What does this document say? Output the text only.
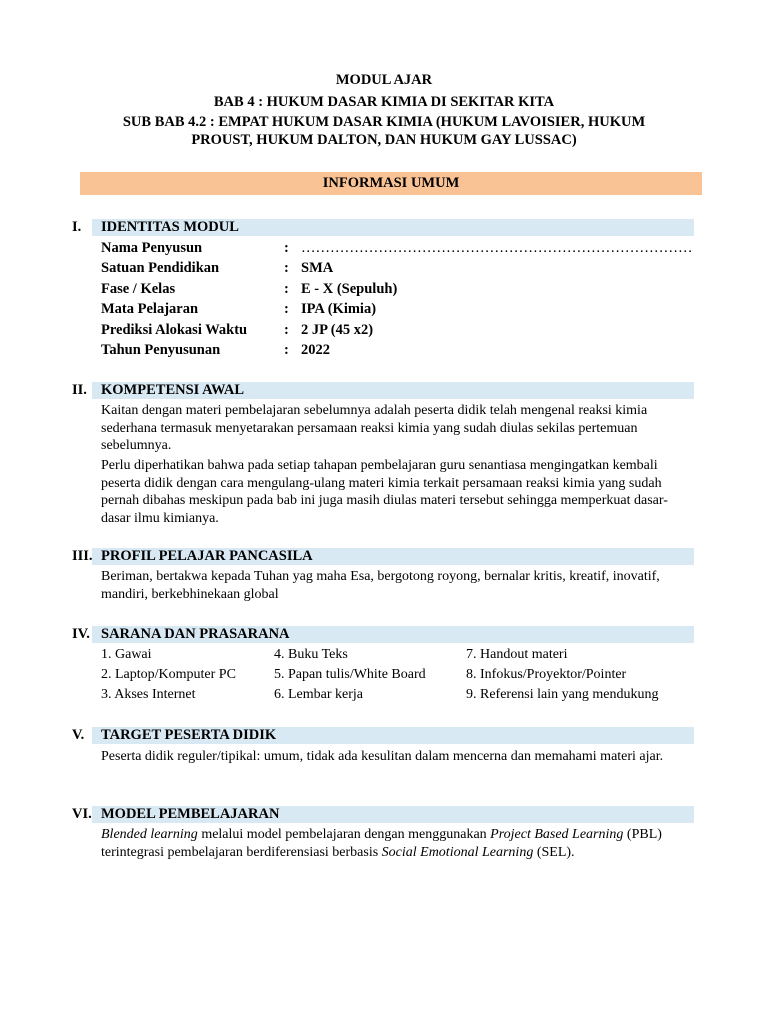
MODUL AJAR
BAB 4 : HUKUM DASAR KIMIA DI SEKITAR KITA
SUB BAB 4.2 : EMPAT HUKUM DASAR KIMIA (HUKUM LAVOISIER, HUKUM
PROUST, HUKUM DALTON, DAN HUKUM GAY LUSSAC)
INFORMASI UMUM
I. IDENTITAS MODUL
Nama Penyusun	: ………………………………………………………………………
Satuan Pendidikan	: SMA
Fase / Kelas	: E - X (Sepuluh)
Mata Pelajaran	: IPA (Kimia)
Prediksi Alokasi Waktu	: 2 JP (45 x2)
Tahun Penyusunan	: 2022
II. KOMPETENSI AWAL

Kaitan dengan materi pembelajaran sebelumnya adalah peserta didik telah mengenal reaksi kimia sederhana termasuk menyetarakan persamaan reaksi kimia yang sudah diulas sekilas pertemuan sebelumnya.

Perlu diperhatikan bahwa pada setiap tahapan pembelajaran guru senantiasa mengingatkan kembali peserta didik dengan cara mengulang-ulang materi kimia terkait persamaan reaksi kimia yang sudah pernah dibahas meskipun pada bab ini juga masih diulas materi tersebut sehingga memperkuat dasar-dasar ilmu kimianya.

III. PROFIL PELAJAR PANCASILA

Beriman, bertakwa kepada Tuhan yag maha Esa, bergotong royong, bernalar kritis, kreatif, inovatif, mandiri, berkebhinekaan global

IV. SARANA DAN PRASARANA
1. Gawai	4. Buku Teks	7. Handout materi
2. Laptop/Komputer PC	5. Papan tulis/White Board	8. Infokus/Proyektor/Pointer
3. Akses Internet	6. Lembar kerja	9. Referensi lain yang mendukung
V. TARGET PESERTA DIDIK

Peserta didik reguler/tipikal: umum, tidak ada kesulitan dalam mencerna dan memahami materi ajar.

VI. MODEL PEMBELAJARAN

Blended learning melalui model pembelajaran dengan menggunakan Project Based Learning (PBL) terintegrasi pembelajaran berdiferensiasi berbasis Social Emotional Learning (SEL).
